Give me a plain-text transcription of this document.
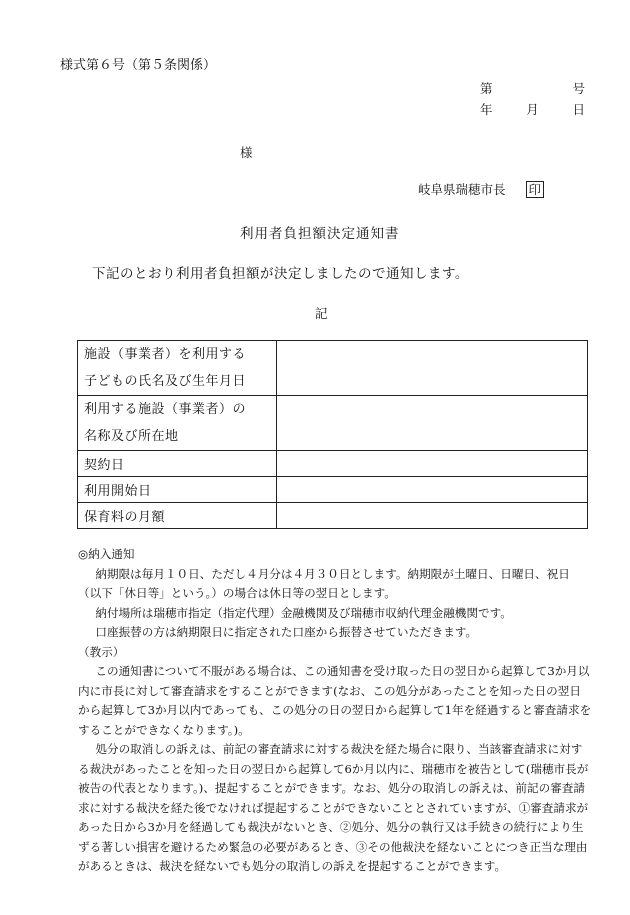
様式第６号（第５条関係）
第	号
年	月	日
様
岐阜県瑞穂市長 印
利用者負担額決定通知書
下記のとおり利用者負担額が決定しましたので通知します。
記
施設（事業者）を利用する
子どもの氏名及び生年月日	

利用する施設（事業者）の
名称及び所在地	

契約日	
利用開始日	
保育料の月額	

◎納入通知

納期限は毎月１０日、ただし４月分は４月３０日とします。納期限が土曜日、日曜日、祝日（以下「休日等」という。）の場合は休日等の翌日とします。

納付場所は瑞穂市指定（指定代理）金融機関及び瑞穂市収納代理金融機関です。

口座振替の方は納期限日に指定された口座から振替させていただきます。

（教示）

この通知書について不服がある場合は、この通知書を受け取った日の翌日から起算して3か月以内に市長に対して審査請求をすることができます(なお、この処分があったことを知った日の翌日から起算して3か月以内であっても、この処分の日の翌日から起算して1年を経過すると審査請求をすることができなくなります。)。

処分の取消しの訴えは、前記の審査請求に対する裁決を経た場合に限り、当該審査請求に対する裁決があったことを知った日の翌日から起算して6か月以内に、瑞穂市を被告として(瑞穂市長が被告の代表となります。)、提起することができます。なお、処分の取消しの訴えは、前記の審査請求に対する裁決を経た後でなければ提起することができないこととされていますが、①審査請求があった日から3か月を経過しても裁決がないとき、②処分、処分の執行又は手続きの続行により生ずる著しい損害を避けるため緊急の必要があるとき、③その他裁決を経ないことにつき正当な理由があるときは、裁決を経ないでも処分の取消しの訴えを提起することができます。
